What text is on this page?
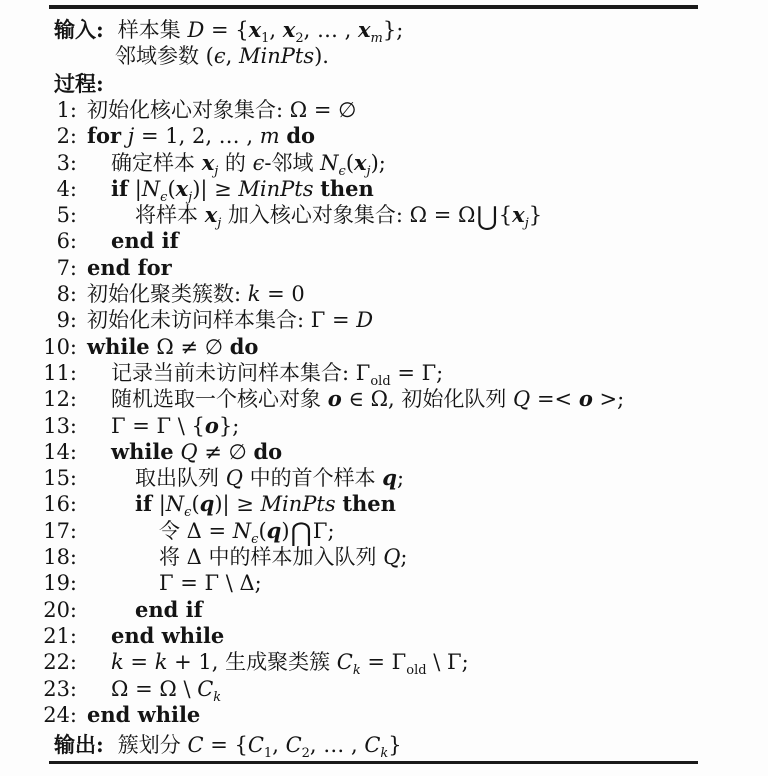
输入: 样本集 $D = \{x_1$, $x_2$, … , $x_m$};
邻域参数 (ϵ, MinPts).
过程:
1: 初始化核心对象集合: Ω = ∅
2: for j = 1, 2, … , m do
3:	确定样本 $x_j$ 的 ϵ-邻域 $N_\epsilon(x_j)$;
4:	if $|N_\epsilon(x_j)|$ ≥ MinPts then
5:	将样本 $x_j$ 加入核心对象集合: $\Omega = \Omega⋃\{x_j\}$
6:	end if
7: end for
8: 初始化聚类簇数: k = 0
9: 初始化未访问样本集合: Γ = D
10: while Ω ≠ ∅ do
11:	记录当前未访问样本集合: $\Gamma_{old} = \Gamma$;
12:	随机选取一个核心对象 o ∈ Ω, 初始化队列 Q =< o >;
13:	Γ = Γ \ {o};
14:	while Q ≠ ∅ do
15:	取出队列 Q 中的首个样本 q;
16:	if $|N_\epsilon(q)|$ ≥ MinPts then
17:	令 $\Delta = N_\epsilon(q)⋂\Gamma$;
18:	将 Δ 中的样本加入队列 Q;
19:	Γ = Γ \ Δ;
20:	end if
21:	end while
22:	k = k + 1, 生成聚类簇 $C_k = \Gamma_{old}$ \ Γ;
23:	Ω = Ω \ $C_k$
24: end while
输出: 簇划分 $C = \{C_1$, $C_2$, … , $C_k$}
